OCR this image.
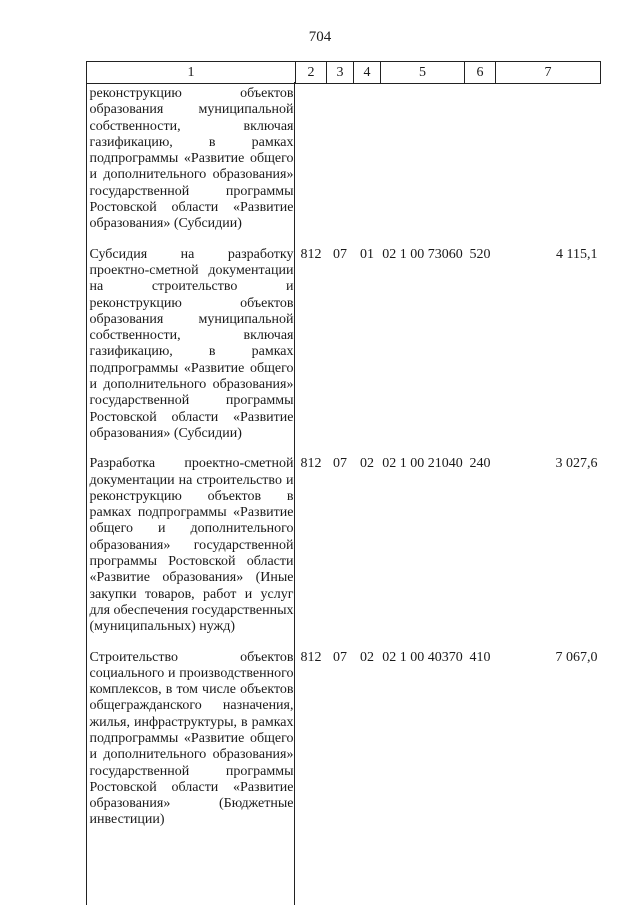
704
1	2	3	4	5	6	7
реконструкцию объектов образования муниципальной собственности, включая газификацию, в рамках подпрограммы «Развитие общего и дополнительного образования» государственной программы Ростовской области «Развитие образования» (Субсидии)						
Субсидия на разработку проектно-сметной документации на строительство и реконструкцию объектов образования муниципальной собственности, включая газификацию, в рамках подпрограммы «Развитие общего и дополнительного образования» государственной программы Ростовской области «Развитие образования» (Субсидии)	812	07	01	02 1 00 73060	520	4 115,1
Разработка проектно-сметной документации на строительство и реконструкцию объектов в рамках подпрограммы «Развитие общего и дополнительного образования» государственной программы Ростовской области «Развитие образования» (Иные закупки товаров, работ и услуг для обеспечения государственных (муниципальных) нужд)	812	07	02	02 1 00 21040	240	3 027,6
Строительство объектов социального и производственного комплексов, в том числе объектов общегражданского назначения, жилья, инфраструктуры, в рамках подпрограммы «Развитие общего и дополнительного образования» государственной программы Ростовской области «Развитие образования» (Бюджетные инвестиции)	812	07	02	02 1 00 40370	410	7 067,0
